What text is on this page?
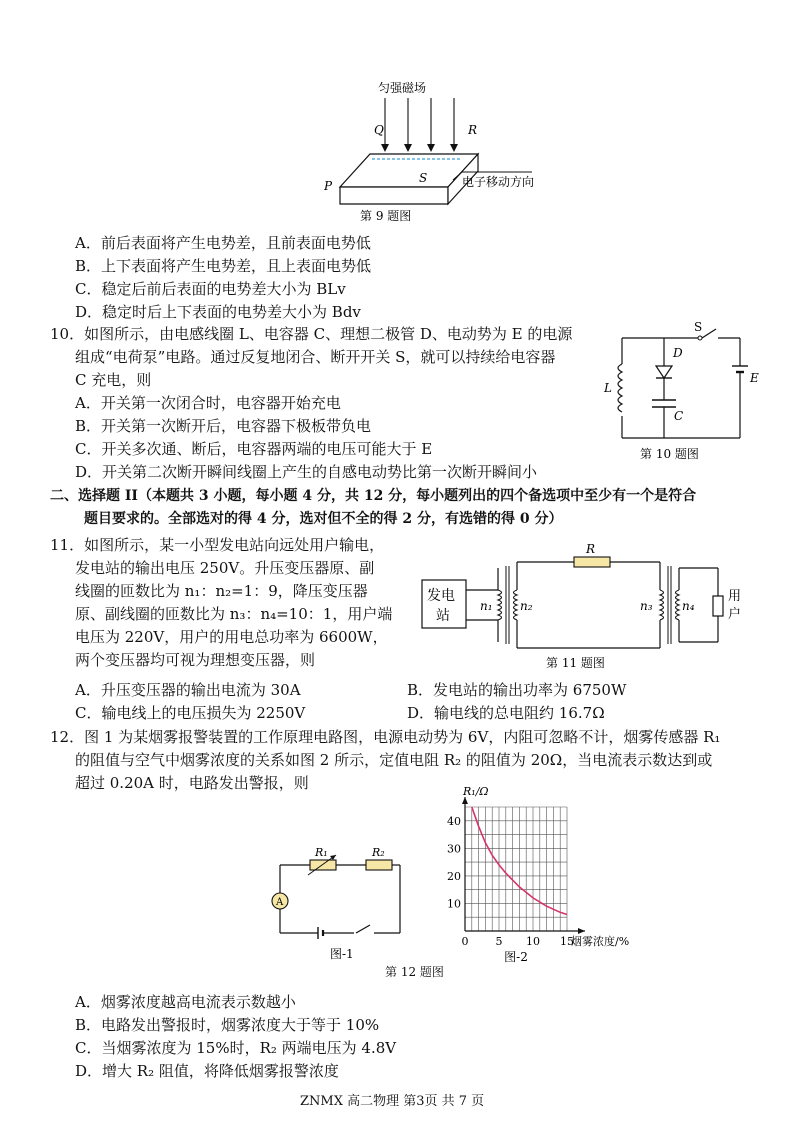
匀强磁场
Q	R
P
S	电子移动方向
第 9 题图
A．前后表面将产生电势差，且前表面电势低
B．上下表面将产生电势差，且上表面电势低
C．稳定后前后表面的电势差大小为 BLv
D．稳定时后上下表面的电势差大小为 Bdv
10．如图所示，由电感线圈 L、电容器 C、理想二极管 D、电动势为 E 的电源
组成“电荷泵”电路。通过反复地闭合、断开开关 S，就可以持续给电容器
C 充电，则
A．开关第一次闭合时，电容器开始充电
B．开关第一次断开后，电容器下极板带负电
C．开关多次通、断后，电容器两端的电压可能大于 E
D．开关第二次断开瞬间线圈上产生的自感电动势比第一次断开瞬间小
S
D
L
C
E
第 10 题图
二、选择题 II（本题共 3 小题，每小题 4 分，共 12 分，每小题列出的四个备选项中至少有一个是符合
题目要求的。全部选对的得 4 分，选对但不全的得 2 分，有选错的得 0 分）
11．如图所示，某一小型发电站向远处用户输电，
发电站的输出电压 250V。升压变压器原、副
线圈的匝数比为 n₁：n₂=1：9，降压变压器
原、副线圈的匝数比为 n₃：n₄=10：1，用户端
电压为 220V，用户的用电总功率为 6600W，
两个变压器均可视为理想变压器，则
A．升压变压器的输出电流为 30A	B．发电站的输出功率为 6750W
C．输电线上的电压损失为 2250V	D．输电线的总电阻约 16.7Ω
发电
站
n₁ n₂	n₃ n₄
R
用
户
第 11 题图
12．图 1 为某烟雾报警装置的工作原理电路图，电源电动势为 6V，内阻可忽略不计，烟雾传感器 R₁
的阻值与空气中烟雾浓度的关系如图 2 所示，定值电阻 R₂ 的阻值为 20Ω，当电流表示数达到或
超过 0.20A 时，电路发出警报，则
R₁	R₂
A
图-1
第 12 题图
0 5 10 15
10
20
30
40
R₁/Ω
烟雾浓度/%
图-2
A．烟雾浓度越高电流表示数越小
B．电路发出警报时，烟雾浓度大于等于 10%
C．当烟雾浓度为 15%时，R₂ 两端电压为 4.8V
D．增大 R₂ 阻值，将降低烟雾报警浓度
ZNMX 高二物理 第3页 共 7 页
